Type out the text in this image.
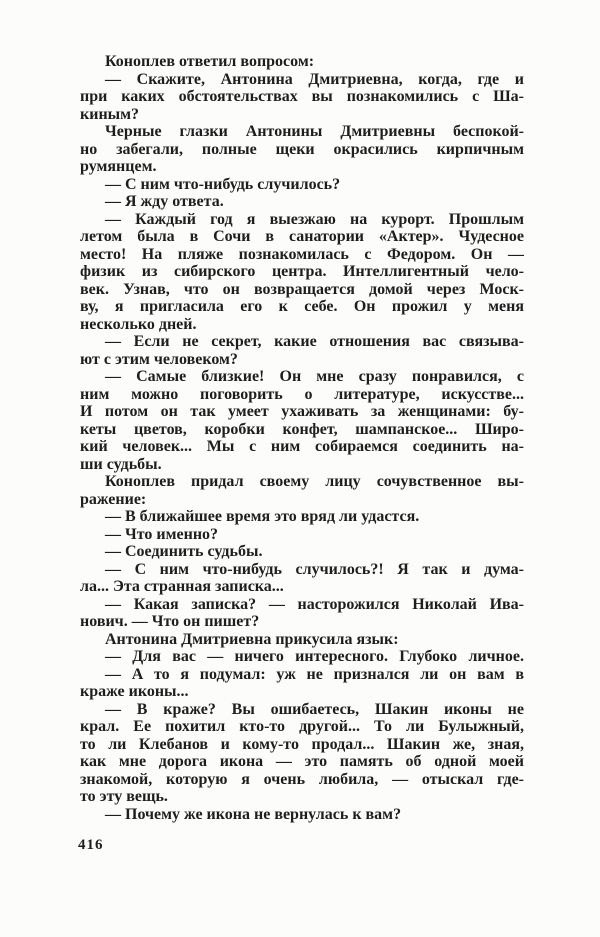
Коноплев ответил вопросом:
— Скажите, Антонина Дмитриевна, когда, где и
при каких обстоятельствах вы познакомились с Ша-
киным?
Черные глазки Антонины Дмитриевны беспокой-
но забегали, полные щеки окрасились кирпичным
румянцем.
— С ним что-нибудь случилось?
— Я жду ответа.
— Каждый год я выезжаю на курорт. Прошлым
летом была в Сочи в санатории «Актер». Чудесное
место! На пляже познакомилась с Федором. Он —
физик из сибирского центра. Интеллигентный чело-
век. Узнав, что он возвращается домой через Моск-
ву, я пригласила его к себе. Он прожил у меня
несколько дней.
— Если не секрет, какие отношения вас связыва-
ют с этим человеком?
— Самые близкие! Он мне сразу понравился, с
ним можно поговорить о литературе, искусстве...
И потом он так умеет ухаживать за женщинами: бу-
кеты цветов, коробки конфет, шампанское... Широ-
кий человек... Мы с ним собираемся соединить на-
ши судьбы.
Коноплев придал своему лицу сочувственное вы-
ражение:
— В ближайшее время это вряд ли удастся.
— Что именно?
— Соединить судьбы.
— С ним что-нибудь случилось?! Я так и дума-
ла... Эта странная записка...
— Какая записка? — насторожился Николай Ива-
нович. — Что он пишет?
Антонина Дмитриевна прикусила язык:
— Для вас — ничего интересного. Глубоко личное.
— А то я подумал: уж не признался ли он вам в
краже иконы...
— В краже? Вы ошибаетесь, Шакин иконы не
крал. Ее похитил кто-то другой... То ли Булыжный,
то ли Клебанов и кому-то продал... Шакин же, зная,
как мне дорога икона — это память об одной моей
знакомой, которую я очень любила, — отыскал где-
то эту вещь.
— Почему же икона не вернулась к вам?
416
